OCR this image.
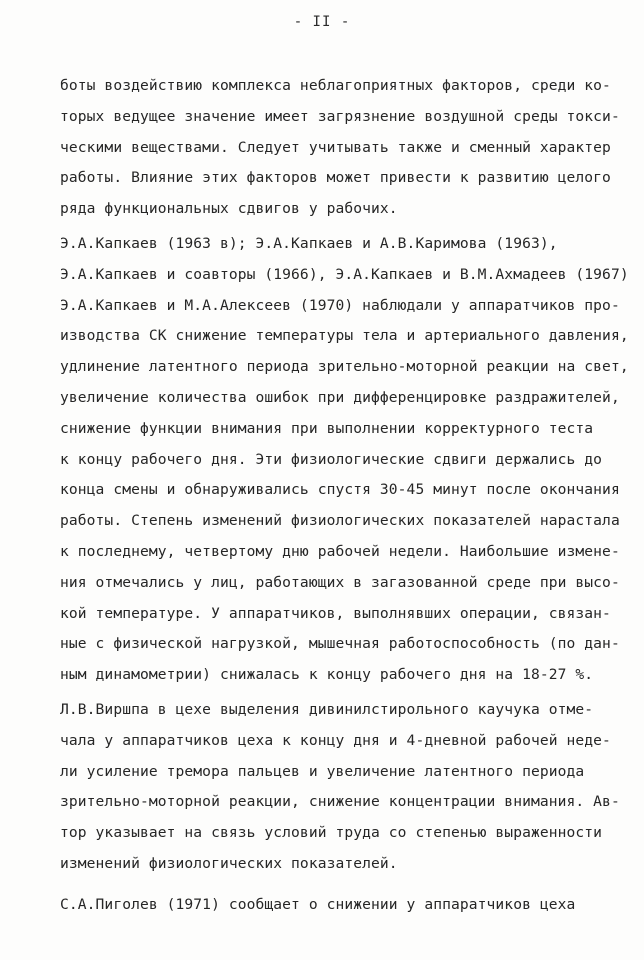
- II -
боты воздействию комплекса неблагоприятных факторов, среди ко-
торых ведущее значение имеет загрязнение воздушной среды токси-
ческими веществами. Следует учитывать также и сменный характер
работы. Влияние этих факторов может привести к развитию целого
ряда функциональных сдвигов у рабочих.
Э.А.Капкаев (1963 в); Э.А.Капкаев и А.В.Каримова (1963),
Э.А.Капкаев и соавторы (1966), Э.А.Капкаев и В.М.Ахмадеев (1967)
Э.А.Капкаев и М.А.Алексеев (1970) наблюдали у аппаратчиков про-
изводства СК снижение температуры тела и артериального давления,
удлинение латентного периода зрительно-моторной реакции на свет,
увеличение количества ошибок при дифференцировке раздражителей,
снижение функции внимания при выполнении корректурного теста
к концу рабочего дня. Эти физиологические сдвиги держались до
конца смены и обнаруживались спустя 30-45 минут после окончания
работы. Степень изменений физиологических показателей нарастала
к последнему, четвертому дню рабочей недели. Наибольшие измене-
ния отмечались у лиц, работающих в загазованной среде при высо-
кой температуре. У аппаратчиков, выполнявших операции, связан-
ные с физической нагрузкой, мышечная работоспособность (по дан-
ным динамометрии) снижалась к концу рабочего дня на 18-27 %.
Л.В.Виршпа в цехе выделения дивинилстирольного каучука отме-
чала у аппаратчиков цеха к концу дня и 4-дневной рабочей неде-
ли усиление тремора пальцев и увеличение латентного периода
зрительно-моторной реакции, снижение концентрации внимания. Ав-
тор указывает на связь условий труда со степенью выраженности
изменений физиологических показателей.
С.А.Пиголев (1971) сообщает о снижении у аппаратчиков цеха
